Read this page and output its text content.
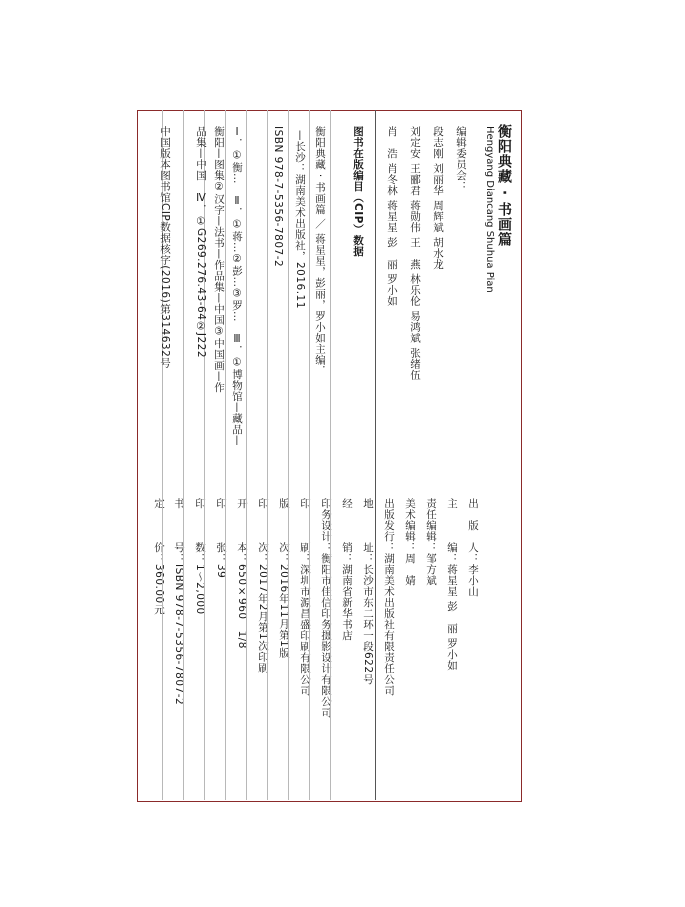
衡阳典藏 · 书画篇
Hengyang Diancang Shuhua Pian
编辑委员会：
段志刚 刘丽华 周辉斌 胡水龙
刘定安 王郦君 蒋勋伟 王　燕 林乐伦 易鸿斌 张绪伍
肖　浩 肖冬林 蒋星星 彭　丽 罗小如
出　版　人：李小山
主　　　编：蒋星星 彭　丽 罗小如
责任编辑：邹方斌
美术编辑：周　婧
出版发行：湖南美术出版社有限责任公司
地　　　址：长沙市东二环一段622号
经　　　销：湖南省新华书店
印务设计：衡阳市佳信印务摄影设计有限公司
印　　　刷：深圳市源昌盛印刷有限公司
版　　　次：2016年11月第1版
印　　　次：2017年2月第1次印刷
开　　　本：650×960　1/8
印　　　张：39
印　　　数：1～2,000
书　　　号：ISBN 978-7-5356-7807-2
定　　　价：360.00元
图书在版编目（CIP）数据
衡阳典藏 · 书画篇 ／ 蒋星星，彭丽，罗小如主编．
—长沙：湖南美术出版社，2016.11
ISBN 978-7-5356-7807-2
Ⅰ．①衡…　Ⅱ．①蒋…②彭…③罗…　Ⅲ．①博物馆—藏品—
衡阳—图集②汉字—法书—作品集—中国③中国画—作
品集—中国　Ⅳ．①G269.276.43-64②J222
中国版本图书馆CIP数据核字(2016)第314632号
